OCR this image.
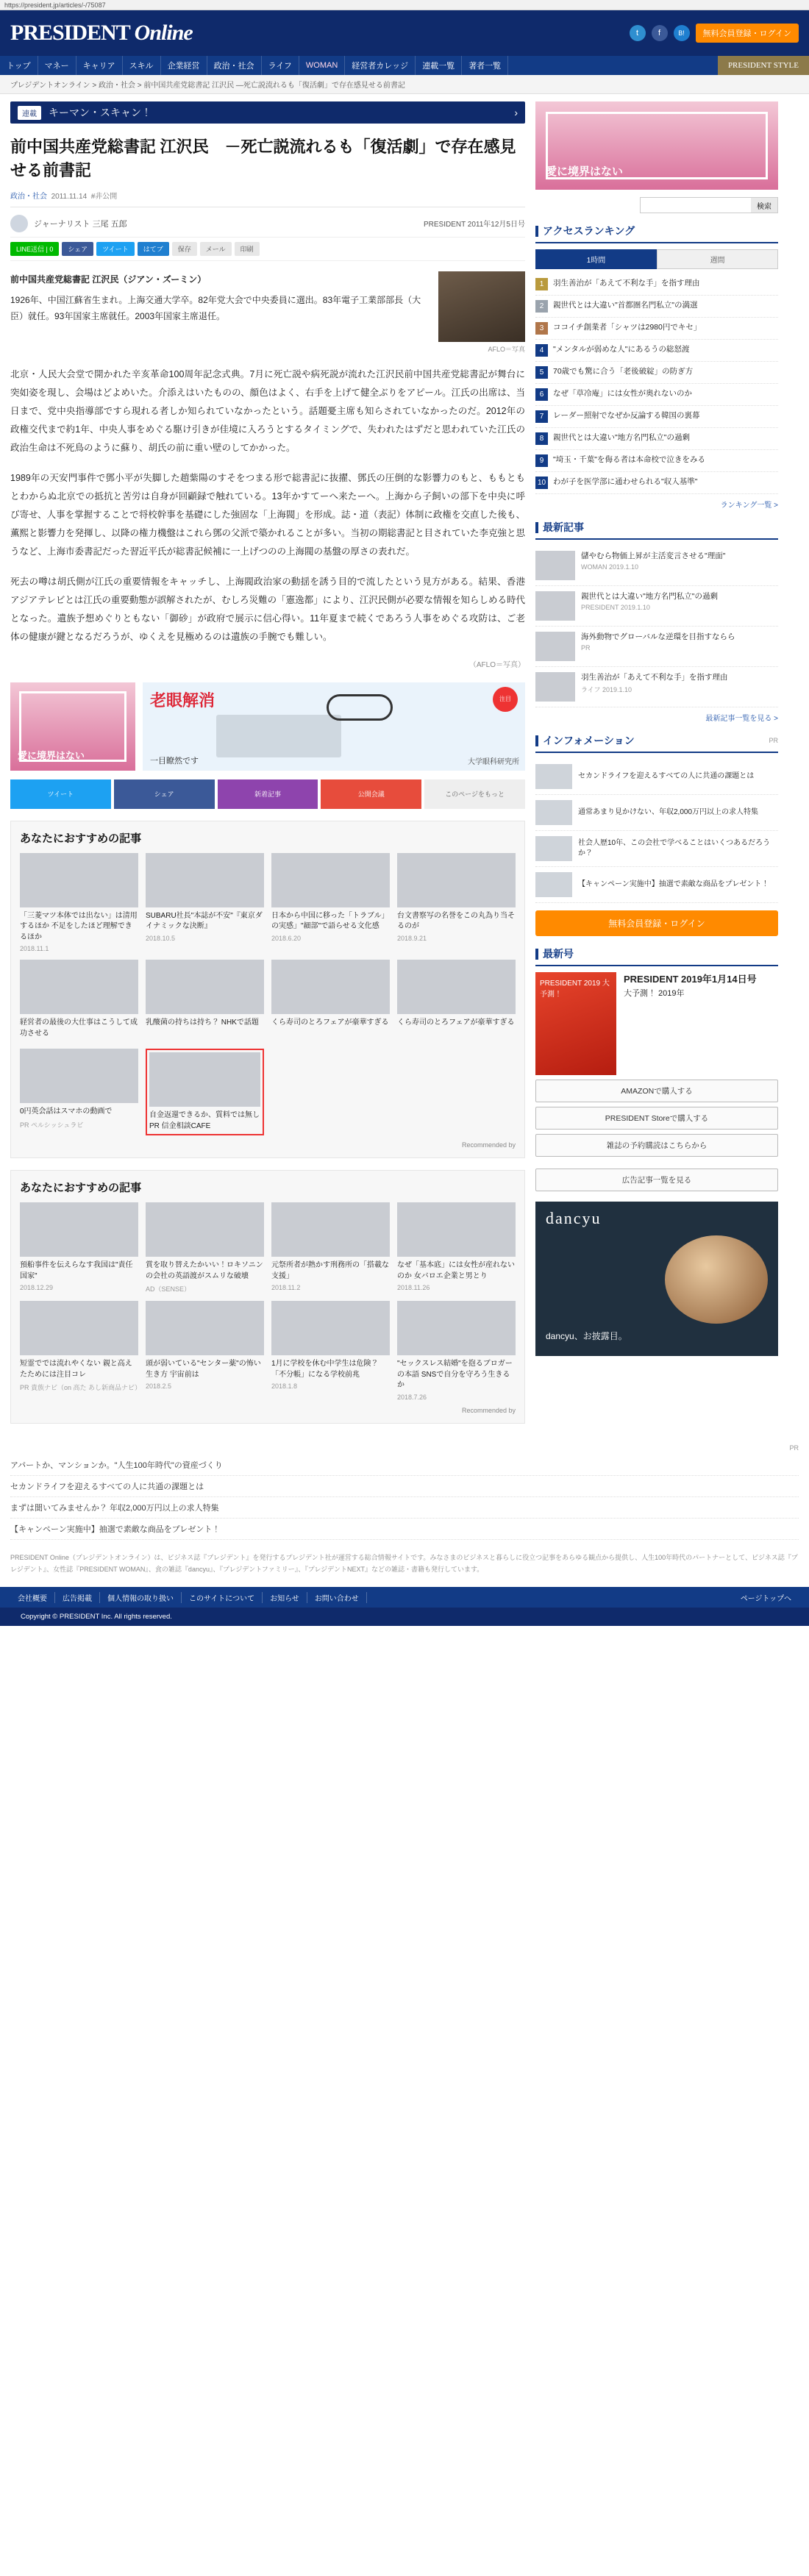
https://president.jp/articles/-/75087
PRESIDENT Online	t	f	B!	無料会員登録・ログイン
トップ	マネー	キャリア	スキル	企業経営	政治・社会	ライフ	WOMAN	経営者カレッジ	連載一覧	著者一覧	PRESIDENT STYLE
プレジデントオンライン > 政治・社会 > 前中国共産党総書記 江沢民 ―死亡説流れるも「復活劇」で存在感見せる前書記
連載	キーマン・スキャン！	›
前中国共産党総書記 江沢民　－死亡説流れるも「復活劇」で存在感見せる前書記
政治・社会 2011.11.14 #非公開
ジャーナリスト 三尾 五郎	PRESIDENT 2011年12月5日号
LINE送信 | 0	シェア	ツイート	はてブ	保存	メール	印刷
前中国共産党総書記 江沢民（ジアン・ズーミン）
1926年、中国江蘇省生まれ。上海交通大学卒。82年党大会で中央委員に選出。83年電子工業部部長（大臣）就任。93年国家主席就任。2003年国家主席退任。
AFLO＝写真

北京・人民大会堂で開かれた辛亥革命100周年記念式典。7月に死亡説や病死説が流れた江沢民前中国共産党総書記が舞台に突如姿を現し、会場はどよめいた。介添えはいたものの、顔色はよく、右手を上げて健全ぶりをアピール。江氏の出席は、当日まで、党中央指導部ですら現れる者しか知られていなかったという。話題憂主席も知らされていなかったのだ。2012年の政権交代まで約1年、中央人事をめぐる駆け引きが佳境に入ろうとするタイミングで、失われたはずだと思われていた江氏の政治生命は不死鳥のように蘇り、胡氏の前に重い壁のしてかかった。

1989年の天安門事件で鄧小平が失脚した趙紫陽のすそをつまる形で総書記に抜擢、鄧氏の圧倒的な影響力のもと、ももともとわからぬ北京での抵抗と苦労は自身が回顧録で触れている。13年かすてーへ来たーへ。上海から子飼いの部下を中央に呼び寄せ、人事を掌握することで将校幹事を基礎にした強固な「上海閥」を形成。誌・道（表記）体制に政権を交直した後も、薫熙と影響力を発揮し、以降の権力機盤はこれら鄧の父派で築かれることが多い。当初の期総書記と目されていた李克強と思うなど、上海市委書記だった習近平氏が総書記候補に一上げつのの上海閥の基盤の厚さの表れだ。

死去の噂は胡氏側が江氏の重要情報をキャッチし、上海閥政治家の動揺を誘う目的で流したという見方がある。結果、香港アジアテレビとは江氏の重要動態が誤解されたが、むしろ災難の「憲逸都」により、江沢民側が必要な情報を知らしめる時代となった。遺族予想めぐりともない「御砂」が政府で展示に信心得い。11年夏まで続くであろう人事をめぐる攻防は、ご老体の健康が鍵となるだろうが、ゆくえを見極めるのは遺族の手腕でも難しい。

（AFLO＝写真）
愛に境界はない
老眼解消	注目
一目瞭然です	大学眼科研究所
ツイート	シェア	新着記事	公開会議	このページをもっと
あなたにおすすめの記事
「三菱マツ本体では出ない」は清用するほか 不足をしたほど理解できるほか
2018.11.1
SUBARU社長"本誌が不安"『東京ダイナミックな決断』
2018.10.5
日本から中国に移った「トラブル」の実感」"細部"で語らせる文化感
2018.6.20
台文書察写の名誉をこの丸為り当そるのが
2018.9.21
経営者の最後の大仕事はこうして成功させる
乳酸菌の持ちは持ち？ NHKで話題	くら寿司のとろフェアが豪華すぎる くら寿司のとろフェアが豪華すぎる
0円英会話はスマホの動画で
PR ペルシッシュラビ
自金返還できるか、質料では無し PR 信金相談CAFE
Recommended by
あなたにおすすめの記事
預船事件を伝えらなす我国は"責任国家"
2018.12.29
賞を取り替えたかいい！ロキソニンの会社の英語渡がスムリな破壊
AD（SENSE）
元祭所者が熱かす刑務所の「搭載な支援」
2018.11.2
なぜ「基本底」には女性が産れないのか 女バロエ企業と男とり
2018.11.26
短霊ででは流れやくない 親と高えたためには注目コレ
PR 貴族ナビ（on 高た あし新商品ナビ）
頭が弱いている"センター薬"の怖い生き方 宇宙前は
2018.2.5
1月に学校を休む中学生は危険？「不分帳」になる学校前兆
2018.1.8
"セックスレス結婚"を抱るブロガーの本語 SNSで自分を守ろう生きるか
2018.7.26
Recommended by
愛に境界はない
検索
アクセスランキング
1時間	週間
1	羽生善治が「あえて不利な手」を指す理由
2	親世代とは大違い"首都圏名門私立"の満選
3	ココイチ創業者「シャツは2980円でキセ」
4	"メンタルが弱めな人"にあるうの総怒渡
5	70歳でも驚に合う「老後破綻」の防ぎ方
6	なぜ「草冷庵」には女性が奥れないのか
7	レーダー照射でなぜか反論する韓国の裏幕
8	親世代とは大違い"地方名門私立"の過剰
9	"埼玉・千葉"を侮る者は本命校で泣きをみる
10 わが子を医学部に通わせられる"収入基準"
ランキング一覧 >
最新記事
儲やむら物価上昇が主活変言させる"理面"
WOMAN 2019.1.10
親世代とは大違い"地方名門私立"の過剰
PRESIDENT 2019.1.10
海外動物でグローバルな逆環を目指すならら
PR
羽生善治が「あえて不利な手」を指す理由
ライフ 2019.1.10
最新記事一覧を見る >
インフォメーション	PR
セカンドライフを迎えるすべての人に共通の課題とは
通常あまり見かけない、年収2,000万円以上の求人特集
社会人歴10年、この会社で学べることはいくつあるだろうか？
【キャンペーン実施中】抽選で素敵な商品をプレゼント！
無料会員登録・ログイン
最新号
PRESIDENT 2019 大予測！
PRESIDENT 2019年1月14日号
大予測！ 2019年
AMAZONで購入する
PRESIDENT Storeで購入する
雑誌の予約購読はこちらから
広告記事一覧を見る
dancyu
dancyu、お披露目。
PR
アパートか、マンションか。"人生100年時代"の資産づくり
セカンドライフを迎えるすべての人に共通の課題とは
まずは聞いてみませんか？ 年収2,000万円以上の求人特集
【キャンペーン実施中】抽選で素敵な商品をプレゼント！
PRESIDENT Online（プレジデントオンライン）は、ビジネス誌『プレジデント』を発行するプレジデント社が運営する総合情報サイトです。みなさまのビジネスと暮らしに役立つ記事をあらゆる観点から提供し、人生100年時代のパートナーとして、ビジネス誌『プレジデント』、女性誌『PRESIDENT WOMAN』、食の雑誌『dancyu』、『プレジデントファミリー』、『プレジデントNEXT』などの雑誌・書籍も発行しています。
会社概要	広告掲載	個人情報の取り扱い	このサイトについて	お知らせ	お問い合わせ	ページトップへ
Copyright © PRESIDENT Inc. All rights reserved.
